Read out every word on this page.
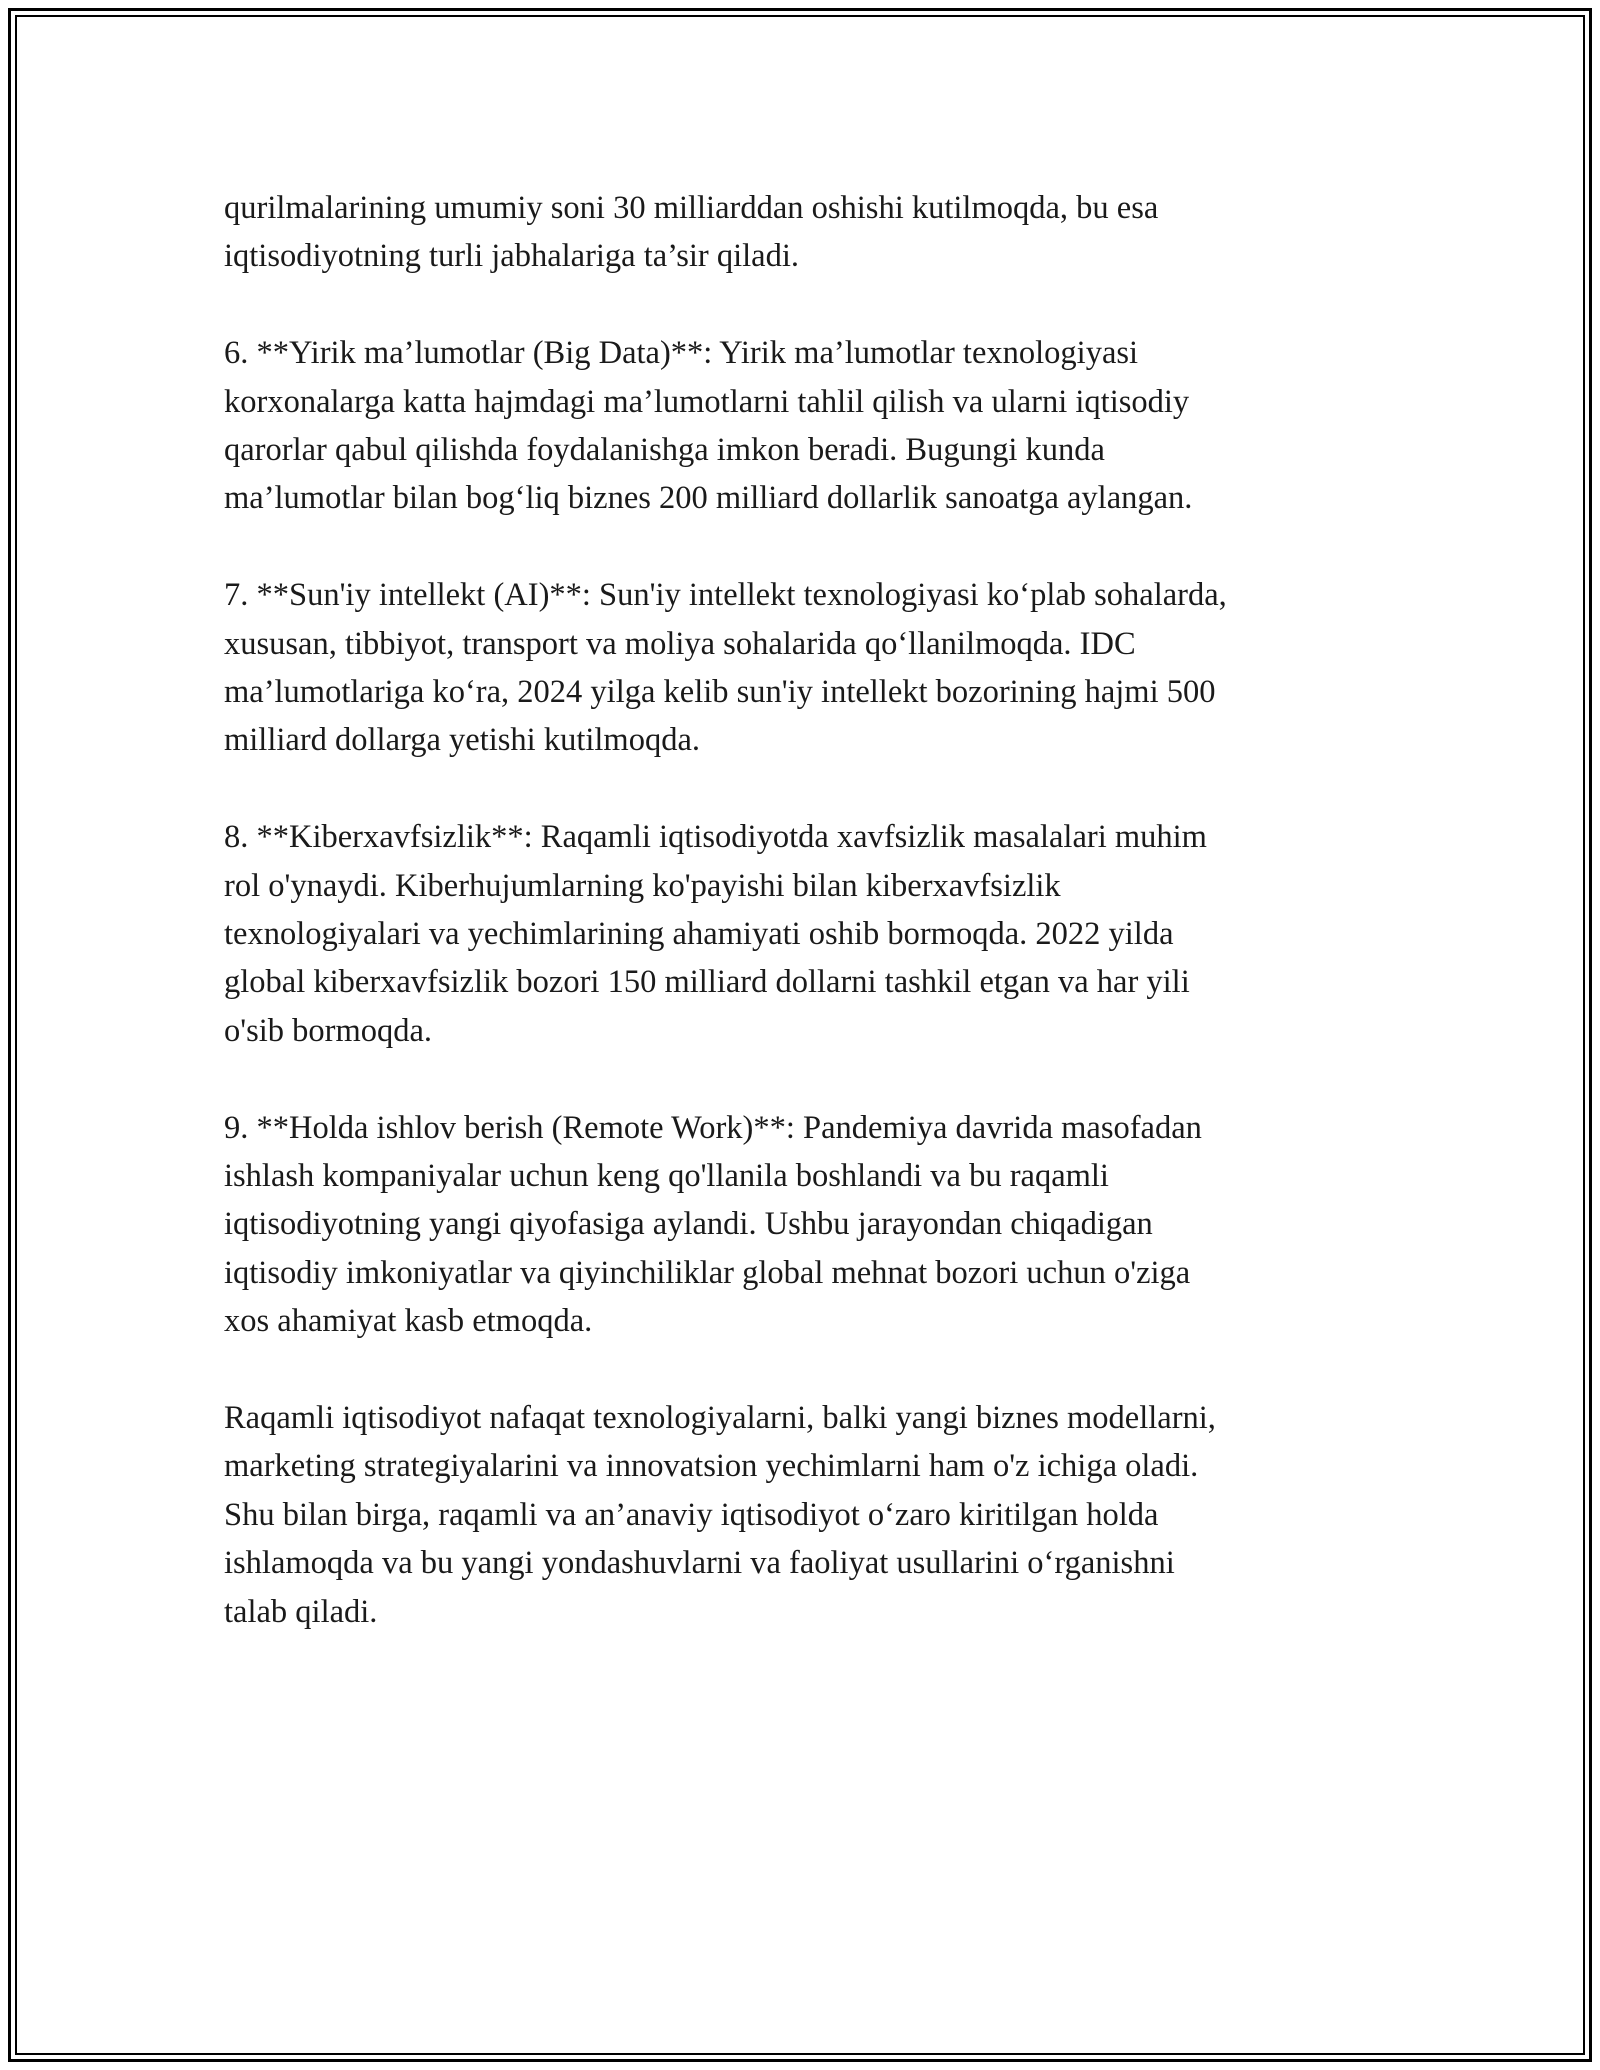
qurilmalarining umumiy soni 30 milliarddan oshishi kutilmoqda, bu esa
iqtisodiyotning turli jabhalariga ta’sir qiladi.

6. **Yirik ma’lumotlar (Big Data)**: Yirik ma’lumotlar texnologiyasi
korxonalarga katta hajmdagi ma’lumotlarni tahlil qilish va ularni iqtisodiy
qarorlar qabul qilishda foydalanishga imkon beradi. Bugungi kunda
ma’lumotlar bilan bog‘liq biznes 200 milliard dollarlik sanoatga aylangan.

7. **Sun'iy intellekt (AI)**: Sun'iy intellekt texnologiyasi ko‘plab sohalarda,
xususan, tibbiyot, transport va moliya sohalarida qo‘llanilmoqda. IDC
ma’lumotlariga ko‘ra, 2024 yilga kelib sun'iy intellekt bozorining hajmi 500
milliard dollarga yetishi kutilmoqda.

8. **Kiberxavfsizlik**: Raqamli iqtisodiyotda xavfsizlik masalalari muhim
rol o'ynaydi. Kiberhujumlarning ko'payishi bilan kiberxavfsizlik
texnologiyalari va yechimlarining ahamiyati oshib bormoqda. 2022 yilda
global kiberxavfsizlik bozori 150 milliard dollarni tashkil etgan va har yili
o'sib bormoqda.

9. **Holda ishlov berish (Remote Work)**: Pandemiya davrida masofadan
ishlash kompaniyalar uchun keng qo'llanila boshlandi va bu raqamli
iqtisodiyotning yangi qiyofasiga aylandi. Ushbu jarayondan chiqadigan
iqtisodiy imkoniyatlar va qiyinchiliklar global mehnat bozori uchun o'ziga
xos ahamiyat kasb etmoqda.

Raqamli iqtisodiyot nafaqat texnologiyalarni, balki yangi biznes modellarni,
marketing strategiyalarini va innovatsion yechimlarni ham o'z ichiga oladi.
Shu bilan birga, raqamli va an’anaviy iqtisodiyot o‘zaro kiritilgan holda
ishlamoqda va bu yangi yondashuvlarni va faoliyat usullarini o‘rganishni
talab qiladi.
